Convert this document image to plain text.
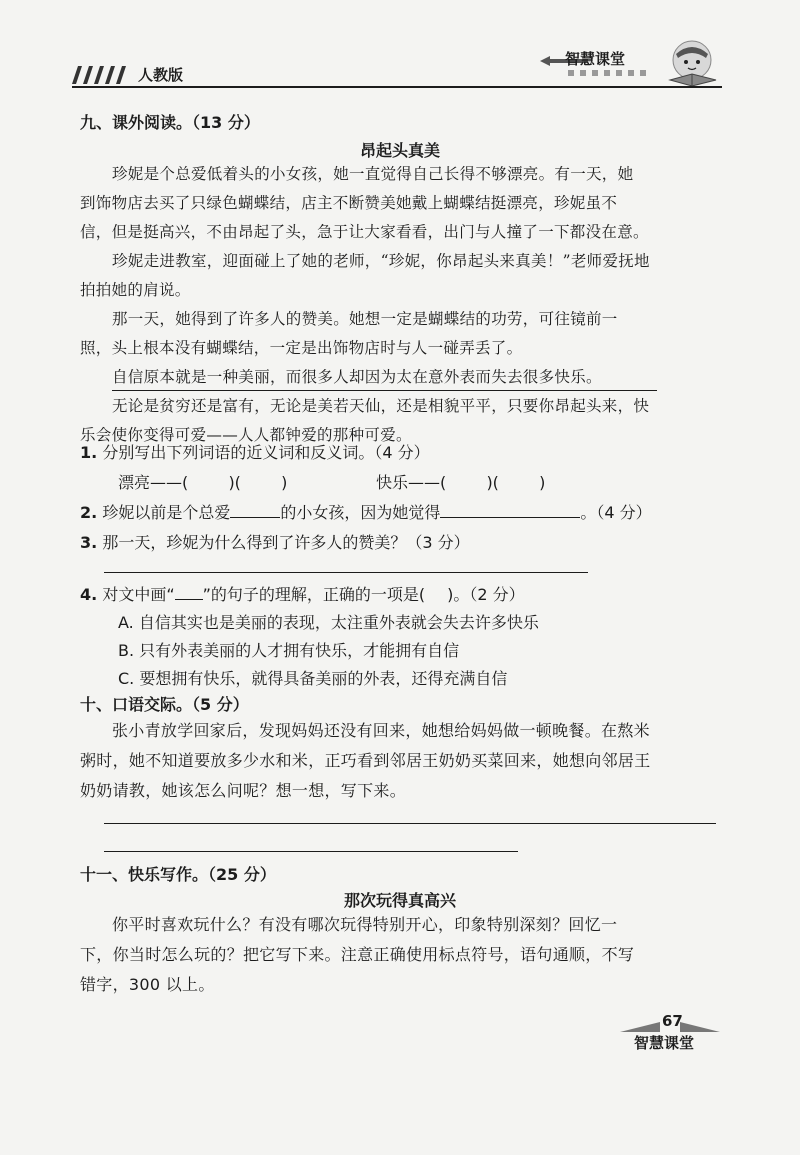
人教版
智慧课堂
九、课外阅读。（13 分）
昂起头真美
珍妮是个总爱低着头的小女孩，她一直觉得自己长得不够漂亮。有一天，她

到饰物店去买了只绿色蝴蝶结，店主不断赞美她戴上蝴蝶结挺漂亮，珍妮虽不
信，但是挺高兴，不由昂起了头，急于让大家看看，出门与人撞了一下都没在意。
珍妮走进教室，迎面碰上了她的老师，“珍妮，你昂起头来真美！”老师爱抚地
拍拍她的肩说。
那一天，她得到了许多人的赞美。她想一定是蝴蝶结的功劳，可往镜前一
照，头上根本没有蝴蝶结，一定是出饰物店时与人一碰弄丢了。
自信原本就是一种美丽，而很多人却因为太在意外表而失去很多快乐。
无论是贫穷还是富有，无论是美若天仙，还是相貌平平，只要你昂起头来，快
乐会使你变得可爱——人人都钟爱的那种可爱。
1. 分别写出下列词语的近义词和反义词。（4 分）
漂亮——(	)(	)	快乐——(	)(	)
2. 珍妮以前是个总爱	的小女孩，因为她觉得	。（4 分）
3. 那一天，珍妮为什么得到了许多人的赞美？（3 分）
4. 对文中画“ ”的句子的理解，正确的一项是( )。（2 分）
A. 自信其实也是美丽的表现，太注重外表就会失去许多快乐
B. 只有外表美丽的人才拥有快乐，才能拥有自信
C. 要想拥有快乐，就得具备美丽的外表，还得充满自信
十、口语交际。（5 分）
张小青放学回家后，发现妈妈还没有回来，她想给妈妈做一顿晚餐。在熬米
粥时，她不知道要放多少水和米，正巧看到邻居王奶奶买菜回来，她想向邻居王
奶奶请教，她该怎么问呢？想一想，写下来。
十一、快乐写作。（25 分）
那次玩得真高兴
你平时喜欢玩什么？有没有哪次玩得特别开心，印象特别深刻？回忆一
下，你当时怎么玩的？把它写下来。注意正确使用标点符号，语句通顺，不写
错字，300 以上。
67
智慧课堂
